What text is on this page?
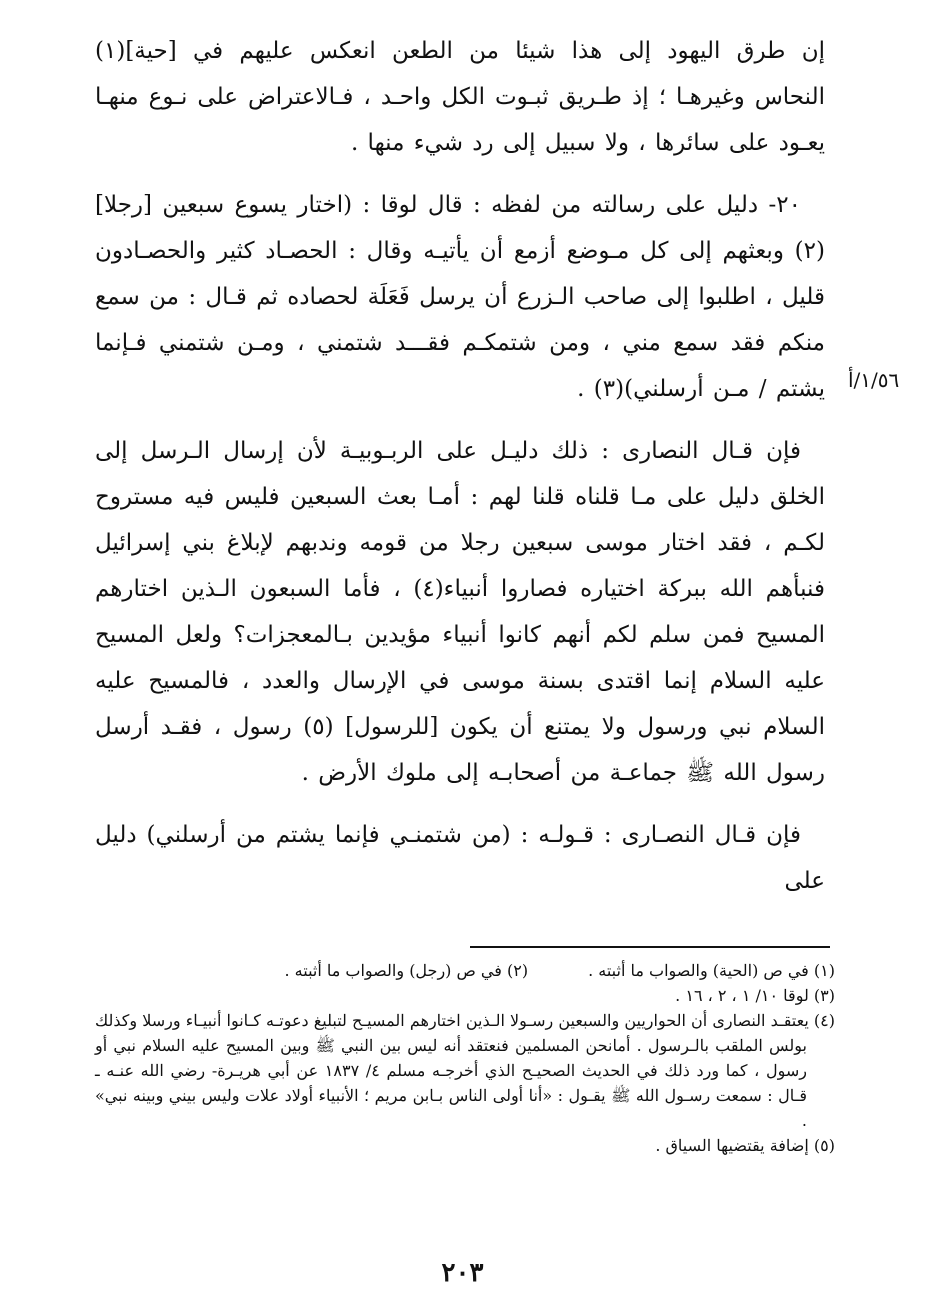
إن طرق اليهود إلى هذا شيئا من الطعن انعكس عليهم في [حية](١) النحاس وغيرهـا ؛ إذ طـريق ثبـوت الكل واحـد ، فـالاعتراض على نـوع منهـا يعـود على سائرها ، ولا سبيل إلى رد شيء منها .

٢٠- دليل على رسالته من لفظه : قال لوقا : (اختار يسوع سبعين [رجلا](٢) وبعثهم إلى كل مـوضع أزمع أن يأتيـه وقال : الحصـاد كثير والحصـادون قليل ، اطلبوا إلى صاحب الـزرع أن يرسل فَعَلَة لحصاده ثم قـال : من سمع منكم فقد سمع مني ، ومن شتمكـم فقـــد شتمني ، ومـن شتمني فـإنما يشتم / مـن أرسلني)(٣) .

فإن قـال النصارى : ذلك دليـل على الربـوبيـة لأن إرسال الـرسل إلى الخلق دليل على مـا قلناه قلنا لهم : أمـا بعث السبعين فليس فيه مستروح لكـم ، فقد اختار موسى سبعين رجلا من قومه وندبهم لإبلاغ بني إسرائيل فنبأهم الله ببركة اختياره فصاروا أنبياء(٤) ، فأما السبعون الـذين اختارهم المسيح فمن سلم لكم أنهم كانوا أنبياء مؤيدين بـالمعجزات؟ ولعل المسيح عليه السلام إنما اقتدى بسنة موسى في الإرسال والعدد ، فالمسيح عليه السلام نبي ورسول ولا يمتنع أن يكون [للرسول] (٥) رسول ، فقـد أرسل رسول الله ﷺ جماعـة من أصحابـه إلى ملوك الأرض .

فإن قـال النصـارى : قـولـه : (من شتمنـي فإنما يشتم من أرسلني) دليل على

١/٥٦/أ

(١) في ص (الحية) والصواب ما أثبته .

(٢) في ص (رجل) والصواب ما أثبته .

(٣) لوقا ١٠/ ١ ، ٢ ، ١٦ .

(٤) يعتقـد النصارى أن الحواريين والسبعين رسـولا الـذين اختارهم المسيـح لتبليغ دعوتـه كـانوا أنبيـاء ورسلا وكذلك بولس الملقب بالـرسول . أمانحن المسلمين فنعتقد أنه ليس بين النبي ﷺ وبين المسيح عليه السلام نبي أو رسول ، كما ورد ذلك في الحديث الصحيـح الذي أخرجـه مسلم ٤/ ١٨٣٧ عن أبي هريـرة- رضي الله عنـه ـ قـال : سمعت رسـول الله ﷺ يقـول : «أنا أولى الناس بـابن مريم ؛ الأنبياء أولاد علات وليس بيني وبينه نبي» .

(٥) إضافة يقتضيها السياق .

٢٠٣
